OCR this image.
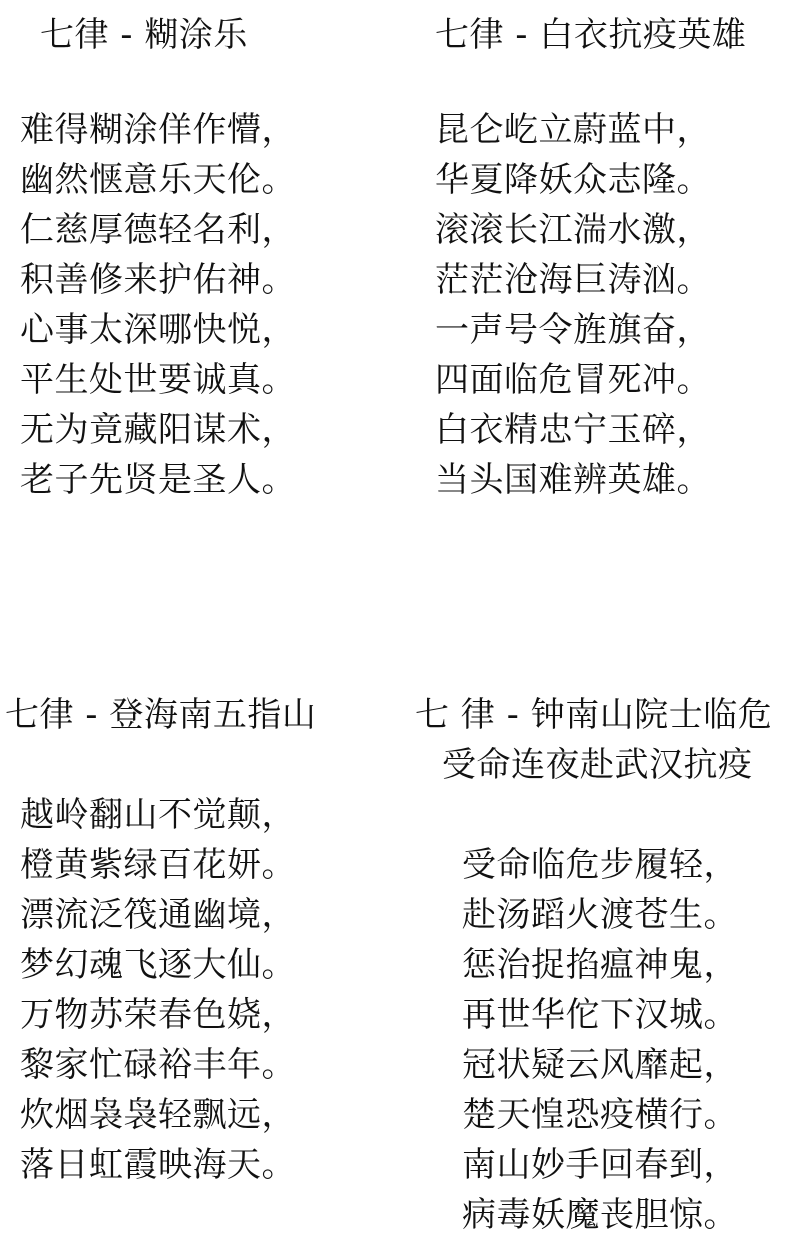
七律 - 糊涂乐
难得糊涂佯作懵，
幽然惬意乐天伦。
仁慈厚德轻名利，
积善修来护佑神。
心事太深哪快悦，
平生处世要诚真。
无为竟藏阳谋术，
老子先贤是圣人。
七律 - 白衣抗疫英雄
昆仑屹立蔚蓝中，
华夏降妖众志隆。
滚滚长江湍水激，
茫茫沧海巨涛汹。
一声号令旌旗奋，
四面临危冒死冲。
白衣精忠宁玉碎，
当头国难辨英雄。
七律 - 登海南五指山
越岭翻山不觉颠，
橙黄紫绿百花妍。
漂流泛筏通幽境，
梦幻魂飞逐大仙。
万物苏荣春色娆，
黎家忙碌裕丰年。
炊烟袅袅轻飘远，
落日虹霞映海天。
七 律 - 钟南山院士临危

受命连夜赴武汉抗疫

受命临危步履轻，
赴汤蹈火渡苍生。
惩治捉掐瘟神鬼，
再世华佗下汉城。
冠状疑云风靡起，
楚天惶恐疫横行。
南山妙手回春到，
病毒妖魔丧胆惊。
